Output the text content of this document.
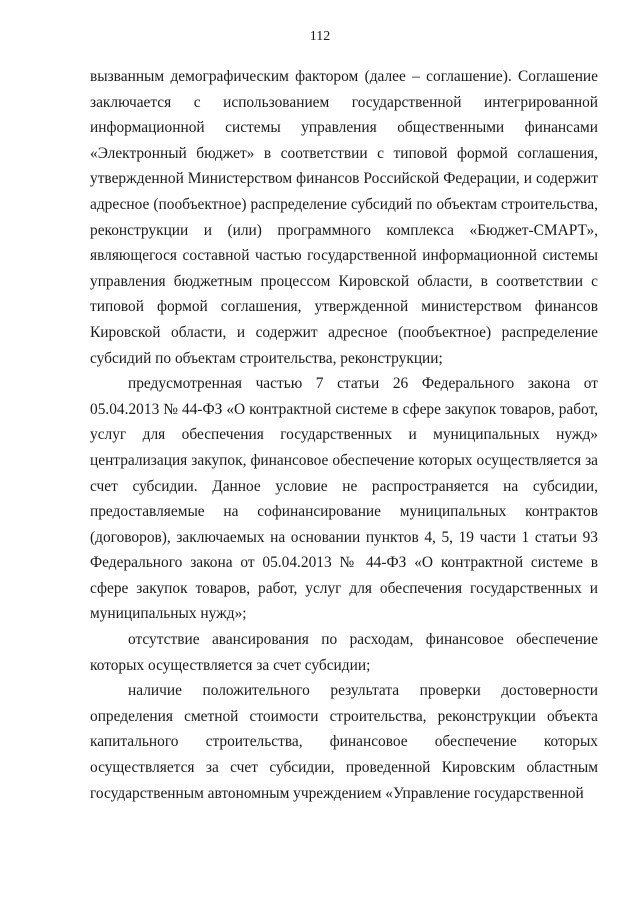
112

вызванным демографическим фактором (далее – соглашение). Соглашение заключается с использованием государственной интегрированной информационной системы управления общественными финансами «Электронный бюджет» в соответствии с типовой формой соглашения, утвержденной Министерством финансов Российской Федерации, и содержит адресное (пообъектное) распределение субсидий по объектам строительства, реконструкции и (или) программного комплекса «Бюджет-СМАРТ», являющегося составной частью государственной информационной системы управления бюджетным процессом Кировской области, в соответствии с типовой формой соглашения, утвержденной министерством финансов Кировской области, и содержит адресное (пообъектное) распределение субсидий по объектам строительства, реконструкции;

предусмотренная частью 7 статьи 26 Федерального закона от 05.04.2013 № 44-ФЗ «О контрактной системе в сфере закупок товаров, работ, услуг для обеспечения государственных и муниципальных нужд» централизация закупок, финансовое обеспечение которых осуществляется за счет субсидии. Данное условие не распространяется на субсидии, предоставляемые на софинансирование муниципальных контрактов (договоров), заключаемых на основании пунктов 4, 5, 19 части 1 статьи 93 Федерального закона от 05.04.2013 № 44-ФЗ «О контрактной системе в сфере закупок товаров, работ, услуг для обеспечения государственных и муниципальных нужд»;

отсутствие авансирования по расходам, финансовое обеспечение которых осуществляется за счет субсидии;

наличие положительного результата проверки достоверности определения сметной стоимости строительства, реконструкции объекта капитального строительства, финансовое обеспечение которых осуществляется за счет субсидии, проведенной Кировским областным государственным автономным учреждением «Управление государственной
